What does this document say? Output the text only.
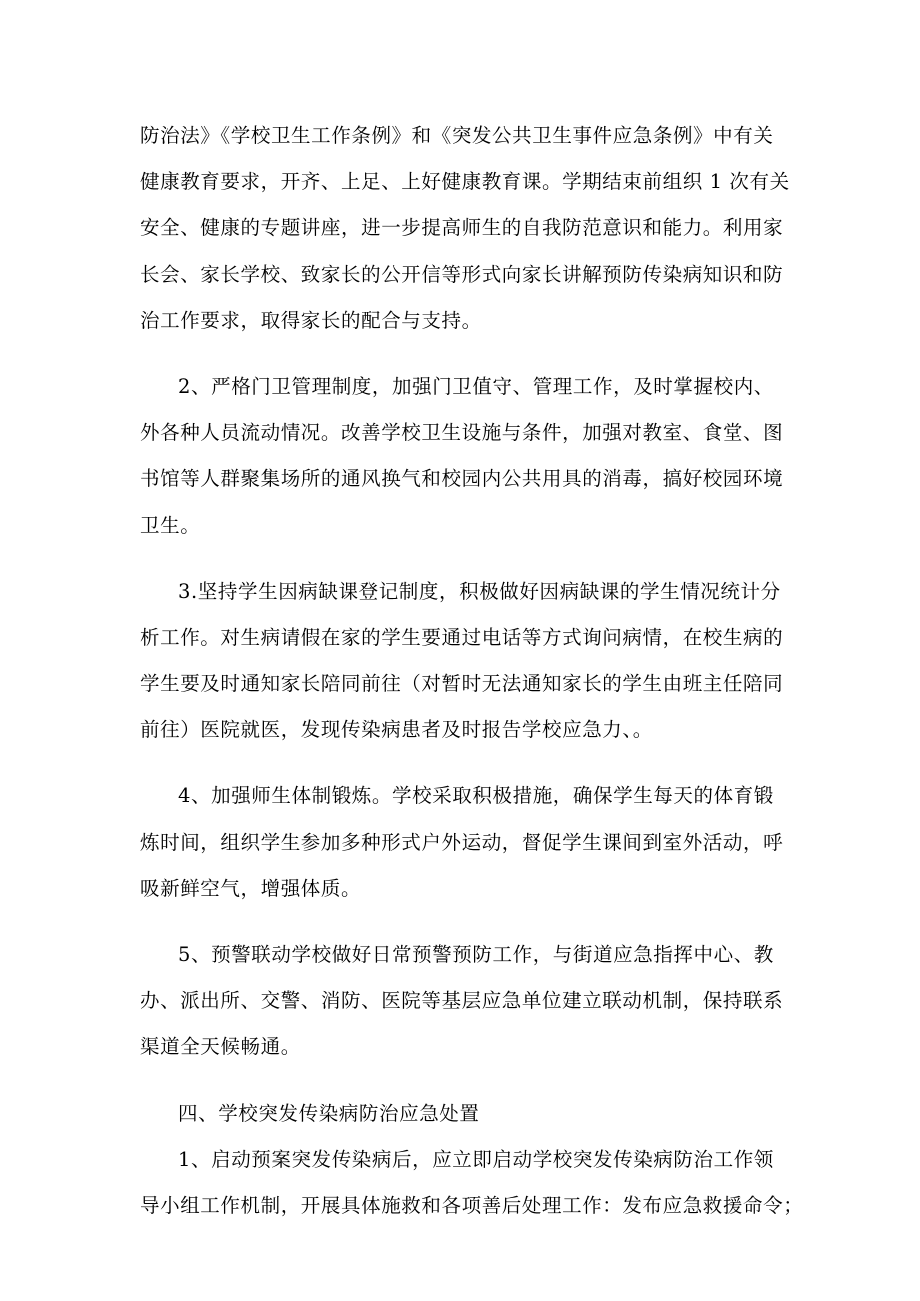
防治法》《学校卫生工作条例》和《突发公共卫生事件应急条例》中有关
健康教育要求，开齐、上足、上好健康教育课。学期结束前组织 1 次有关
安全、健康的专题讲座，进一步提高师生的自我防范意识和能力。利用家
长会、家长学校、致家长的公开信等形式向家长讲解预防传染病知识和防
治工作要求，取得家长的配合与支持。
2、严格门卫管理制度，加强门卫值守、管理工作，及时掌握校内、
外各种人员流动情况。改善学校卫生设施与条件，加强对教室、食堂、图
书馆等人群聚集场所的通风换气和校园内公共用具的消毒，搞好校园环境
卫生。
3.坚持学生因病缺课登记制度，积极做好因病缺课的学生情况统计分
析工作。对生病请假在家的学生要通过电话等方式询问病情，在校生病的
学生要及时通知家长陪同前往（对暂时无法通知家长的学生由班主任陪同
前往）医院就医，发现传染病患者及时报告学校应急力、。
4、加强师生体制锻炼。学校采取积极措施，确保学生每天的体育锻
炼时间，组织学生参加多种形式户外运动，督促学生课间到室外活动，呼
吸新鲜空气，增强体质。
5、预警联动学校做好日常预警预防工作，与街道应急指挥中心、教
办、派出所、交警、消防、医院等基层应急单位建立联动机制，保持联系
渠道全天候畅通。
四、学校突发传染病防治应急处置
1、启动预案突发传染病后，应立即启动学校突发传染病防治工作领
导小组工作机制，开展具体施救和各项善后处理工作：发布应急救援命令；
